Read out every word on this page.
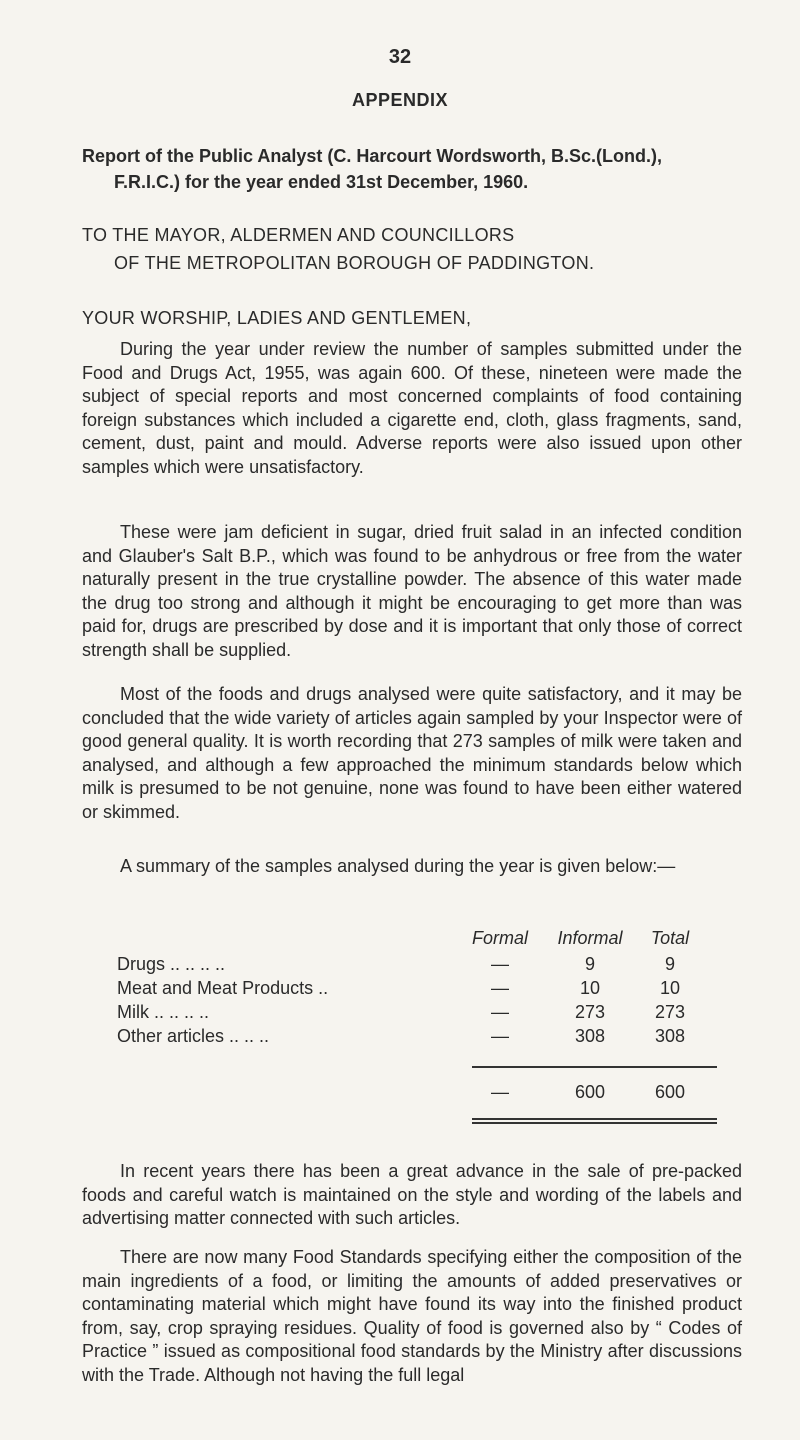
32
APPENDIX
Report of the Public Analyst (C. Harcourt Wordsworth, B.Sc.(Lond.),
F.R.I.C.) for the year ended 31st December, 1960.
TO THE MAYOR, ALDERMEN AND COUNCILLORS
OF THE METROPOLITAN BOROUGH OF PADDINGTON.
YOUR WORSHIP, LADIES AND GENTLEMEN,
During the year under review the number of samples submitted under the Food and Drugs Act, 1955, was again 600. Of these, nineteen were made the subject of special reports and most concerned complaints of food containing foreign substances which included a cigarette end, cloth, glass fragments, sand, cement, dust, paint and mould. Adverse reports were also issued upon other samples which were unsatisfactory.
These were jam deficient in sugar, dried fruit salad in an infected condition and Glauber's Salt B.P., which was found to be anhydrous or free from the water naturally present in the true crystalline powder. The absence of this water made the drug too strong and although it might be encouraging to get more than was paid for, drugs are prescribed by dose and it is important that only those of correct strength shall be supplied.
Most of the foods and drugs analysed were quite satisfactory, and it may be concluded that the wide variety of articles again sampled by your Inspector were of good general quality. It is worth recording that 273 samples of milk were taken and analysed, and although a few approached the minimum standards below which milk is presumed to be not genuine, none was found to have been either watered or skimmed.
A summary of the samples analysed during the year is given below:—
Formal	Informal	Total
Drugs .. .. .. ..	—	9	9
Meat and Meat Products ..	—	10	10
Milk .. .. .. ..	—	273	273
Other articles .. .. ..	—	308	308
—	600	600
In recent years there has been a great advance in the sale of pre-packed foods and careful watch is maintained on the style and wording of the labels and advertising matter connected with such articles.
There are now many Food Standards specifying either the composition of the main ingredients of a food, or limiting the amounts of added preservatives or contaminating material which might have found its way into the finished product from, say, crop spraying residues. Quality of food is governed also by “ Codes of Practice ” issued as compositional food standards by the Ministry after discussions with the Trade. Although not having the full legal
